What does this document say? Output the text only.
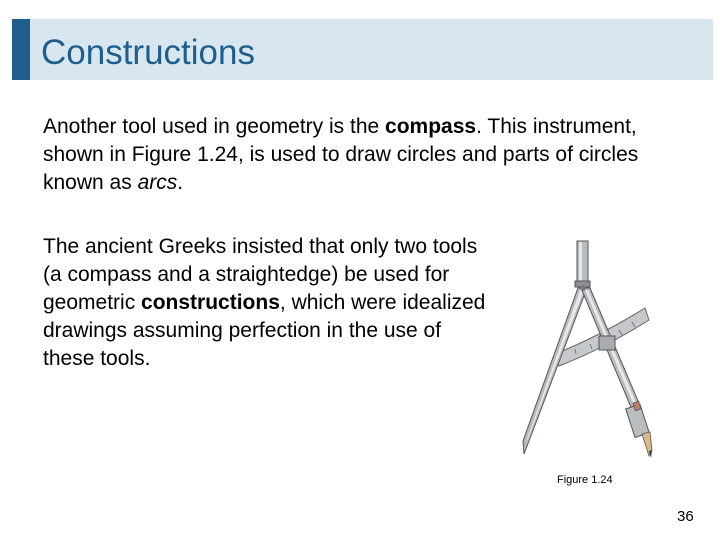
Constructions
Another tool used in geometry is the compass. This instrument, shown in Figure 1.24, is used to draw circles and parts of circles known as arcs.
The ancient Greeks insisted that only two tools (a compass and a straightedge) be used for geometric constructions, which were idealized drawings assuming perfection in the use of these tools.
Figure 1.24
36
